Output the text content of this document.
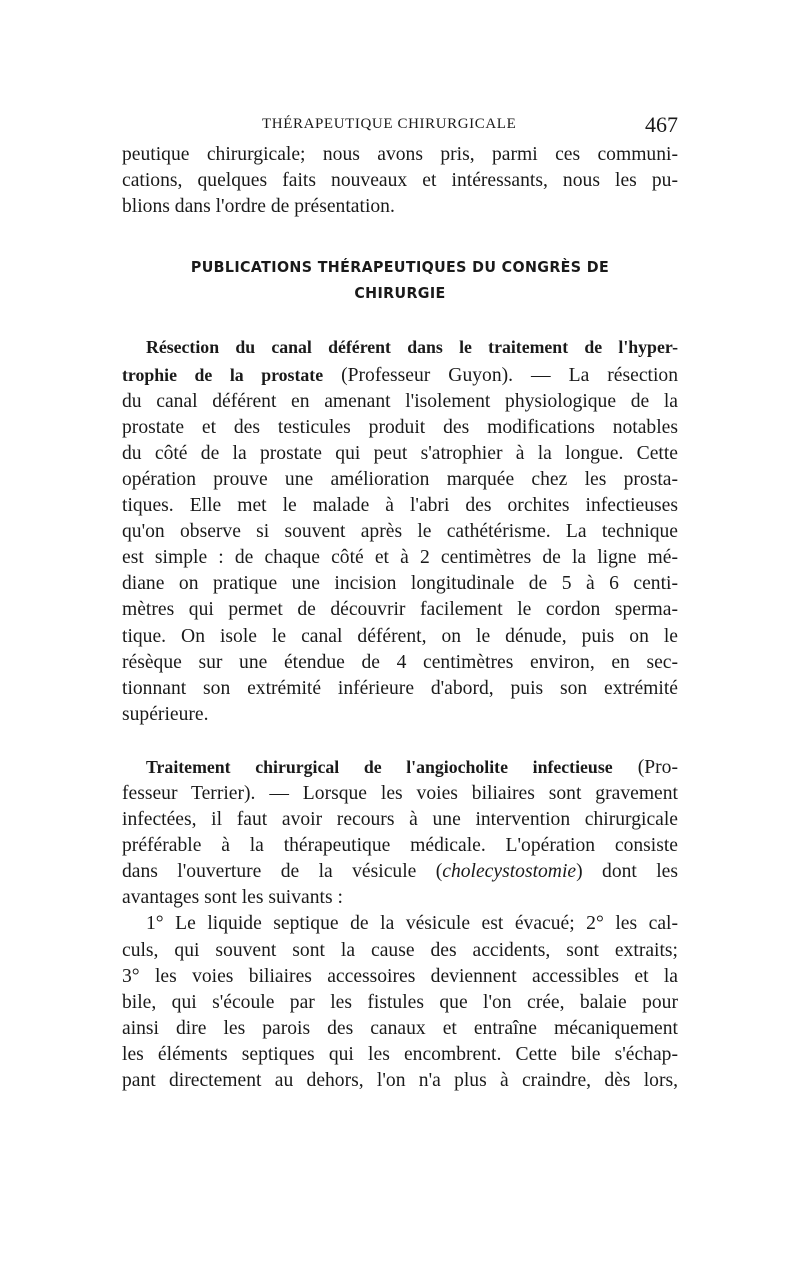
THÉRAPEUTIQUE CHIRURGICALE	467
peutique chirurgicale; nous avons pris, parmi ces communi-
cations, quelques faits nouveaux et intéressants, nous les pu-
blions dans l'ordre de présentation.
PUBLICATIONS THÉRAPEUTIQUES DU CONGRÈS DE CHIRURGIE
Résection du canal déférent dans le traitement de l'hyper-
trophie de la prostate (Professeur Guyon). — La résection
du canal déférent en amenant l'isolement physiologique de la
prostate et des testicules produit des modifications notables
du côté de la prostate qui peut s'atrophier à la longue. Cette
opération prouve une amélioration marquée chez les prosta-
tiques. Elle met le malade à l'abri des orchites infectieuses
qu'on observe si souvent après le cathétérisme. La technique
est simple : de chaque côté et à 2 centimètres de la ligne mé-
diane on pratique une incision longitudinale de 5 à 6 centi-
mètres qui permet de découvrir facilement le cordon sperma-
tique. On isole le canal déférent, on le dénude, puis on le
résèque sur une étendue de 4 centimètres environ, en sec-
tionnant son extrémité inférieure d'abord, puis son extrémité
supérieure.
Traitement chirurgical de l'angiocholite infectieuse (Pro-
fesseur Terrier). — Lorsque les voies biliaires sont gravement
infectées, il faut avoir recours à une intervention chirurgicale
préférable à la thérapeutique médicale. L'opération consiste
dans l'ouverture de la vésicule (cholecystostomie) dont les
avantages sont les suivants :
1° Le liquide septique de la vésicule est évacué; 2° les cal-
culs, qui souvent sont la cause des accidents, sont extraits;
3° les voies biliaires accessoires deviennent accessibles et la
bile, qui s'écoule par les fistules que l'on crée, balaie pour
ainsi dire les parois des canaux et entraîne mécaniquement
les éléments septiques qui les encombrent. Cette bile s'échap-
pant directement au dehors, l'on n'a plus à craindre, dès lors,
